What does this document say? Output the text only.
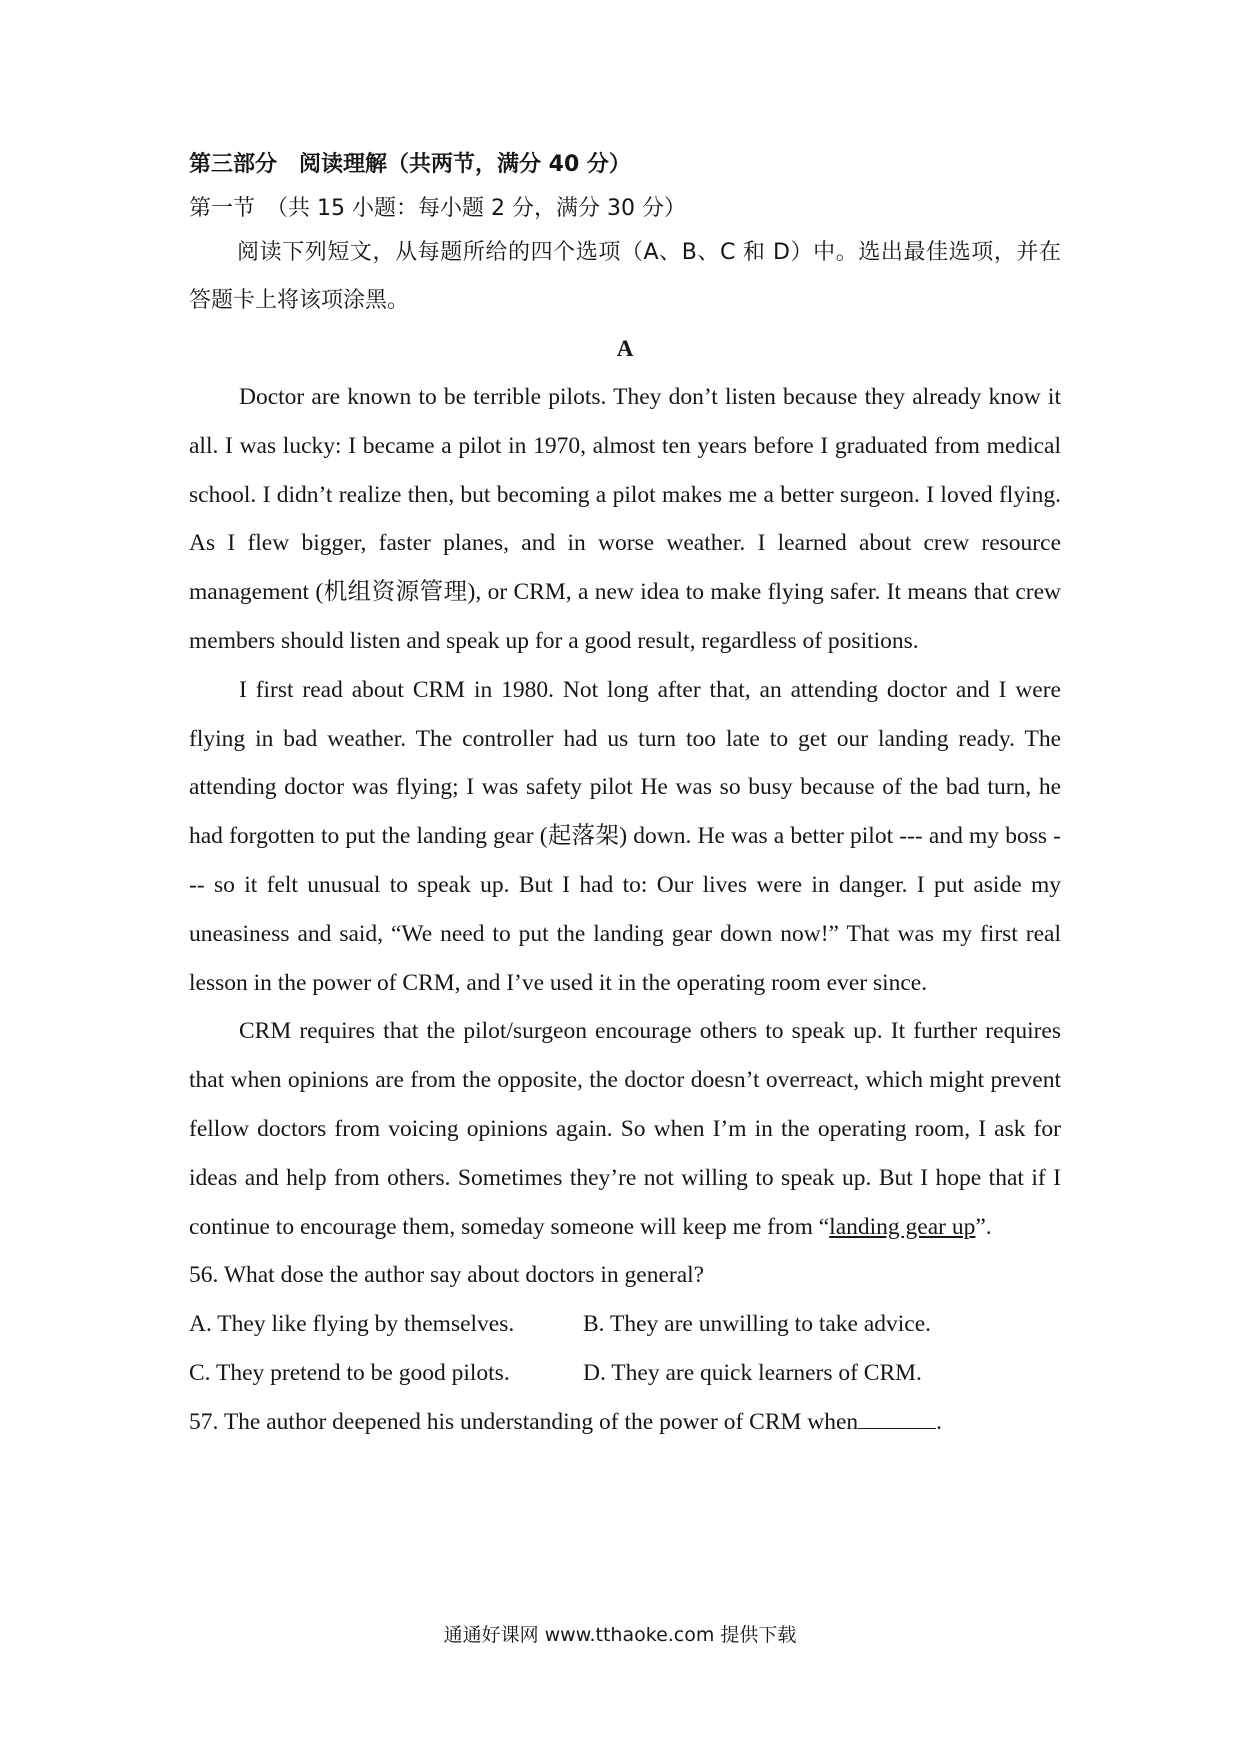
第三部分　阅读理解（共两节，满分 40 分）

第一节　（共 15 小题：每小题 2 分，满分 30 分）

阅读下列短文，从每题所给的四个选项（A、B、C 和 D）中。选出最佳选项，并在答题卡上将该项涂黑。

A

Doctor are known to be terrible pilots. They don’t listen because they already know it all. I was lucky: I became a pilot in 1970, almost ten years before I graduated from medical school. I didn’t realize then, but becoming a pilot makes me a better surgeon. I loved flying. As I flew bigger, faster planes, and in worse weather. I learned about crew resource management (机组资源管理), or CRM, a new idea to make flying safer. It means that crew members should listen and speak up for a good result, regardless of positions.

I first read about CRM in 1980. Not long after that, an attending doctor and I were flying in bad weather. The controller had us turn too late to get our landing ready. The attending doctor was flying; I was safety pilot He was so busy because of the bad turn, he had forgotten to put the landing gear (起落架) down. He was a better pilot --- and my boss --- so it felt unusual to speak up. But I had to: Our lives were in danger. I put aside my uneasiness and said, “We need to put the landing gear down now!” That was my first real lesson in the power of CRM, and I’ve used it in the operating room ever since.

CRM requires that the pilot/surgeon encourage others to speak up. It further requires that when opinions are from the opposite, the doctor doesn’t overreact, which might prevent fellow doctors from voicing opinions again. So when I’m in the operating room, I ask for ideas and help from others. Sometimes they’re not willing to speak up. But I hope that if I continue to encourage them, someday someone will keep me from “landing gear up”.

56. What dose the author say about doctors in general?

A. They like flying by themselves.	B. They are unwilling to take advice.

C. They pretend to be good pilots.	D. They are quick learners of CRM.

57. The author deepened his understanding of the power of CRM when	.

通通好课网 www.tthaoke.com 提供下载
